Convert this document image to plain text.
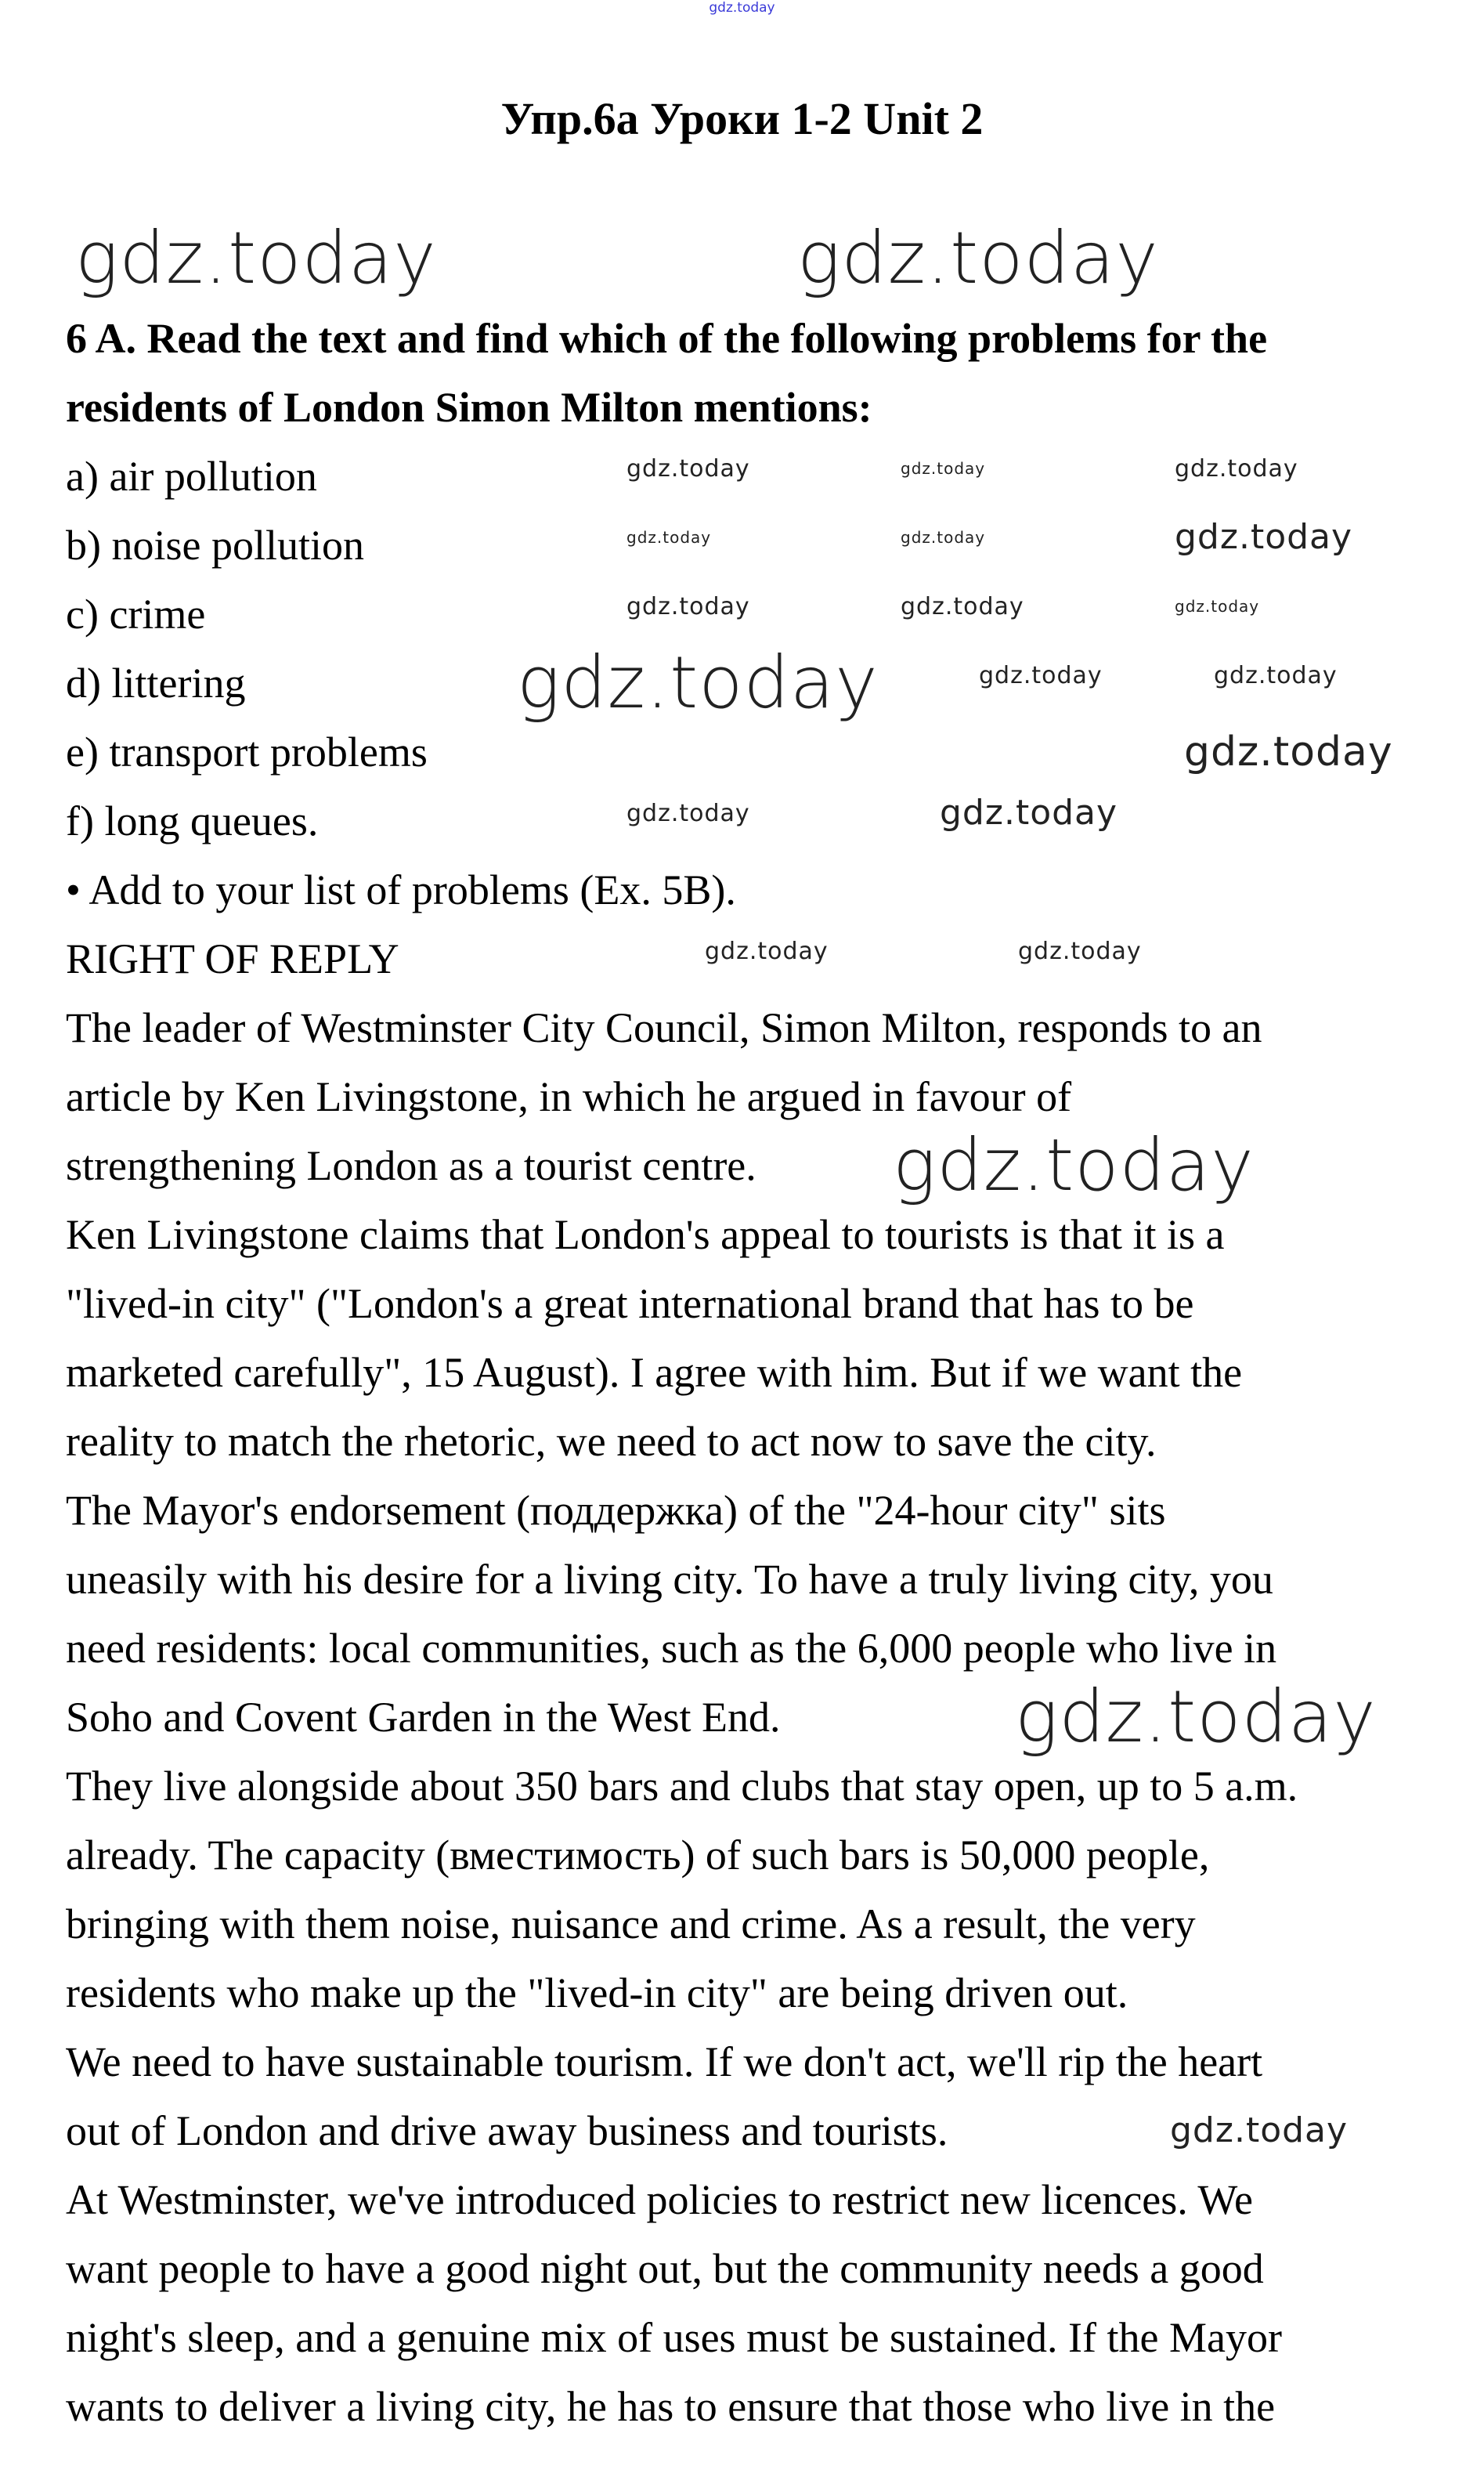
gdz.today
Упр.6а Уроки 1-2 Unit 2
6 A. Read the text and find which of the following problems for the
residents of London Simon Milton mentions:
a) air pollution
b) noise pollution
c) crime
d) littering
e) transport problems
f) long queues.
• Add to your list of problems (Ex. 5B).
RIGHT OF REPLY
The leader of Westminster City Council, Simon Milton, responds to an
article by Ken Livingstone, in which he argued in favour of
strengthening London as a tourist centre.
Ken Livingstone claims that London's appeal to tourists is that it is a
"lived-in city" ("London's a great international brand that has to be
marketed carefully", 15 August). I agree with him. But if we want the
reality to match the rhetoric, we need to act now to save the city.
The Mayor's endorsement (поддержка) of the "24-hour city" sits
uneasily with his desire for a living city. To have a truly living city, you
need residents: local communities, such as the 6,000 people who live in
Soho and Covent Garden in the West End.
They live alongside about 350 bars and clubs that stay open, up to 5 a.m.
already. The capacity (вместимость) of such bars is 50,000 people,
bringing with them noise, nuisance and crime. As a result, the very
residents who make up the "lived-in city" are being driven out.
We need to have sustainable tourism. If we don't act, we'll rip the heart
out of London and drive away business and tourists.
At Westminster, we've introduced policies to restrict new licences. We
want people to have a good night out, but the community needs a good
night's sleep, and a genuine mix of uses must be sustained. If the Mayor
wants to deliver a living city, he has to ensure that those who live in the
gdz.today	gdz.today
gdz.today	gdz.today	gdz.today
gdz.today	gdz.today	gdz.today
gdz.today	gdz.today	gdz.today
gdz.today	gdz.today	gdz.today
gdz.today
gdz.today	gdz.today
gdz.today	gdz.today
gdz.today
gdz.today
gdz.today
